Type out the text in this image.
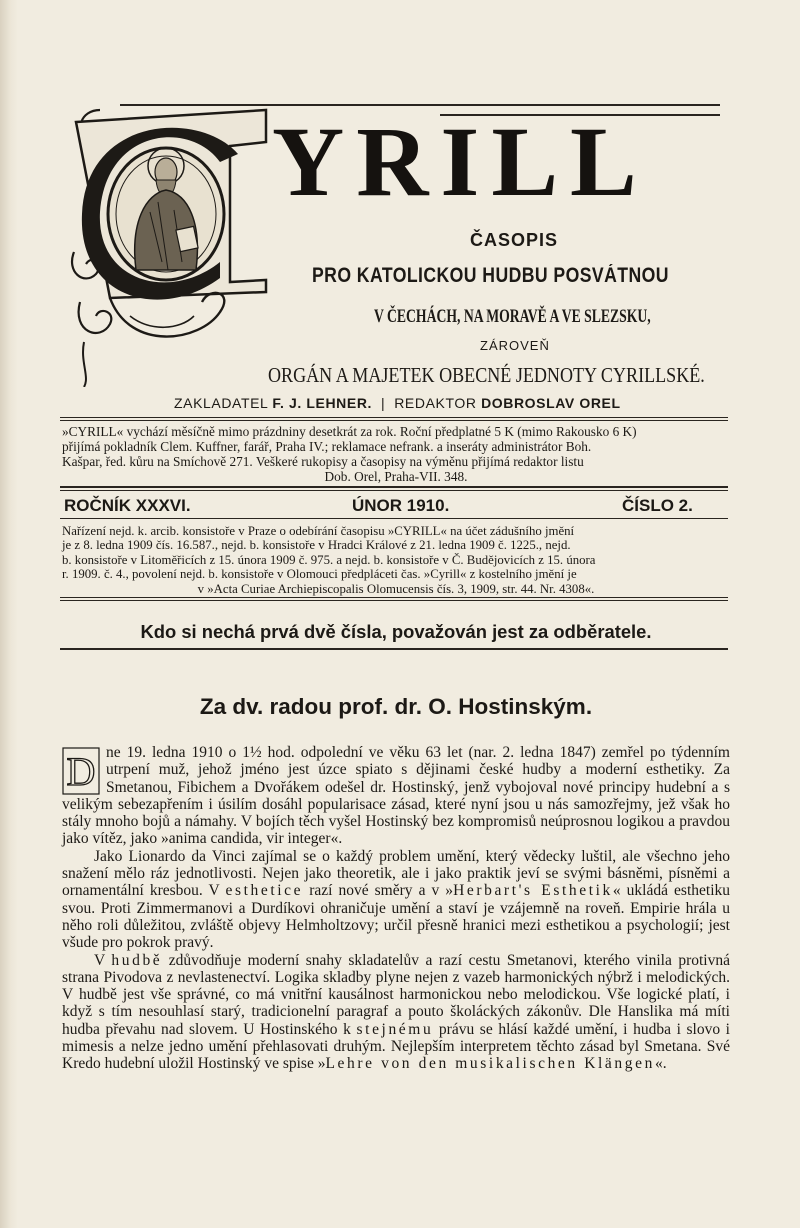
YRILL
ČASOPIS
PRO KATOLICKOU HUDBU POSVÁTNOU
V ČECHÁCH, NA MORAVĚ A VE SLEZSKU,
ZÁROVEŇ
ORGÁN A MAJETEK OBECNÉ JEDNOTY CYRILLSKÉ.
ZAKLADATEL F. J. LEHNER.  |  REDAKTOR DOBROSLAV OREL
»CYRILL« vychází měsíčně mimo prázdniny desetkrát za rok. Roční předplatné 5 K (mimo Rakousko 6 K)
přijímá pokladník Clem. Kuffner, farář, Praha IV.; reklamace nefrank. a inseráty administrátor Boh.
Kašpar, řed. kůru na Smíchově 271. Veškeré rukopisy a časopisy na výměnu přijímá redaktor listu
Dob. Orel, Praha-VII. 348.
ROČNÍK XXXVI.	ÚNOR 1910.	ČÍSLO 2.
Nařízení nejd. k. arcib. konsistoře v Praze o odebírání časopisu »CYRILL« na účet zádušního jmění
je z 8. ledna 1909 čís. 16.587., nejd. b. konsistoře v Hradci Králové z 21. ledna 1909 č. 1225., nejd.
b. konsistoře v Litoměřicích z 15. února 1909 č. 975. a nejd. b. konsistoře v Č. Budějovicích z 15. února
r. 1909. č. 4., povolení nejd. b. konsistoře v Olomouci předpláceti čas. »Cyrill« z kostelního jmění je
v »Acta Curiae Archiepiscopalis Olomucensis čís. 3, 1909, str. 44. Nr. 4308«.
Kdo si nechá prvá dvě čísla, považován jest za odběratele.
Za dv. radou prof. dr. O. Hostinským.

D ne 19. ledna 1910 o 1½ hod. odpolední ve věku 63 let (nar. 2. ledna 1847) zemřel po týdenním utrpení muž, jehož jméno jest úzce spiato s dějinami české hudby a moderní esthetiky. Za Smetanou, Fibichem a Dvořákem odešel dr. Hostinský, jenž vybojoval nové principy hudební a s velikým sebezapřením i úsilím dosáhl popularisace zásad, které nyní jsou u nás samozřejmy, jež však ho stály mnoho bojů a námahy. V bojích těch vyšel Hostinský bez kompromisů neúprosnou logikou a pravdou jako vítěz, jako »anima candida, vir integer«.

Jako Lionardo da Vinci zajímal se o každý problem umění, který vědecky luštil, ale všechno jeho snažení mělo ráz jednotlivosti. Nejen jako theoretik, ale i jako praktik jeví se svými básněmi, písněmi a ornamentální kresbou. V esthetice razí nové směry a v »Herbart's Esthetik« ukládá esthetiku svou. Proti Zimmermanovi a Durdíkovi ohraničuje umění a staví je vzájemně na roveň. Empirie hrála u něho roli důležitou, zvláště objevy Helmholtzovy; určil přesně hranici mezi esthetikou a psychologií; jest všude pro pokrok pravý.

V hudbě zdůvodňuje moderní snahy skladatelův a razí cestu Smetanovi, kterého vinila protivná strana Pivodova z nevlastenectví. Logika skladby plyne nejen z vazeb harmonických nýbrž i melodických. V hudbě jest vše správné, co má vnitřní kausálnost harmonickou nebo melodickou. Vše logické platí, i když s tím nesouhlasí starý, tradicionelní paragraf a pouto školáckých zákonův. Dle Hanslika má míti hudba převahu nad slovem. U Hostinského k stejnému právu se hlásí každé umění, i hudba i slovo i mimesis a nelze jedno umění přehlasovati druhým. Nejlepším interpretem těchto zásad byl Smetana. Své Kredo hudební uložil Hostinský ve spise »Lehre von den musikalischen Klängen«.
